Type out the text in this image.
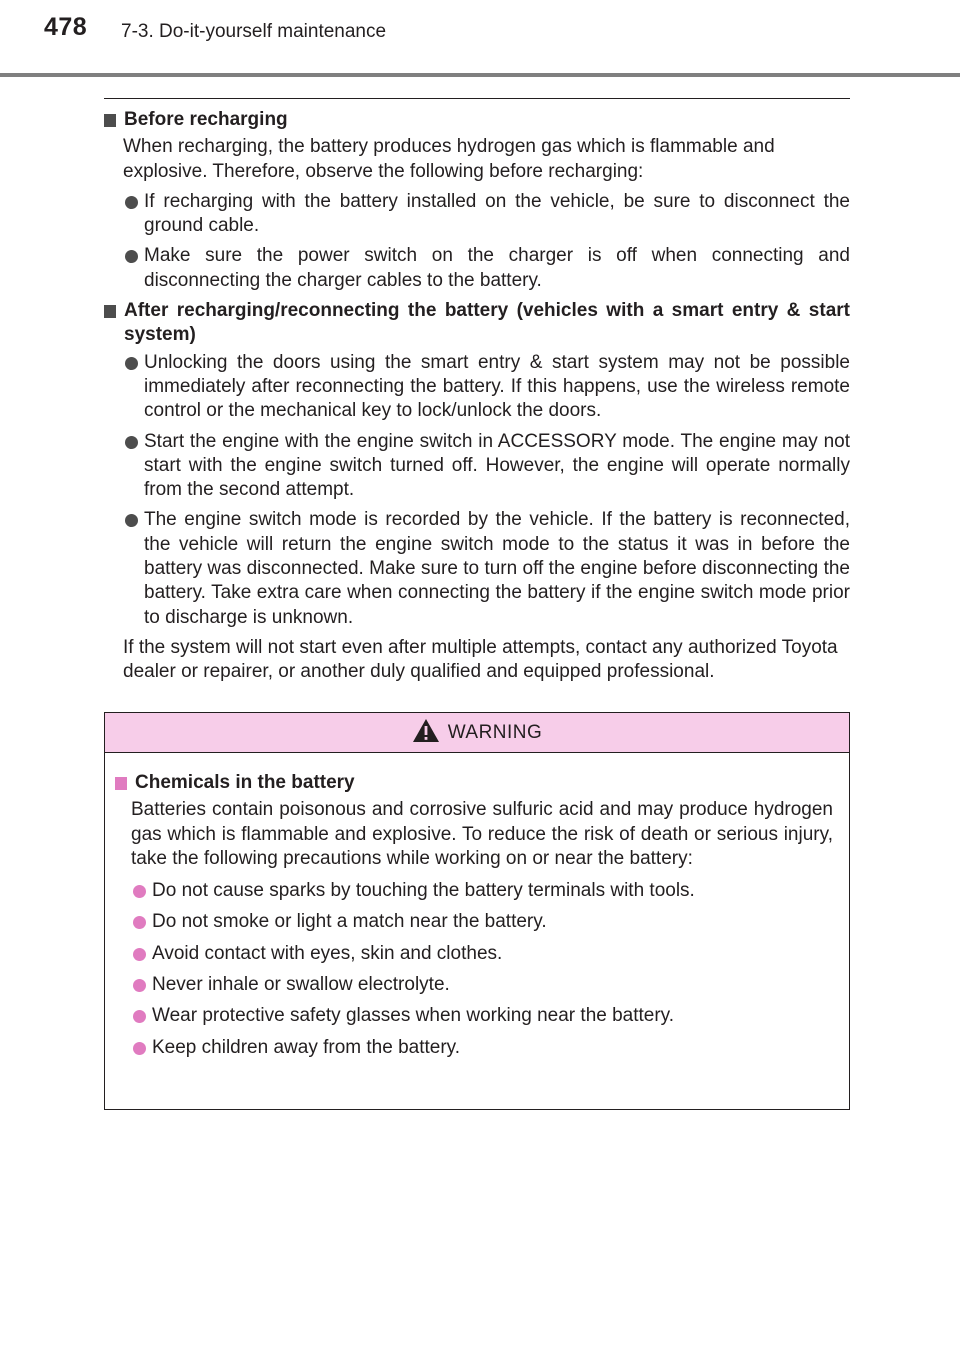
478 7-3. Do-it-yourself maintenance
Before recharging
When recharging, the battery produces hydrogen gas which is flammable and explosive. Therefore, observe the following before recharging:
If recharging with the battery installed on the vehicle, be sure to disconnect the ground cable.
Make sure the power switch on the charger is off when connecting and disconnecting the charger cables to the battery.
After recharging/reconnecting the battery (vehicles with a smart entry & start system)
Unlocking the doors using the smart entry & start system may not be possible immediately after reconnecting the battery. If this happens, use the wireless remote control or the mechanical key to lock/unlock the doors.
Start the engine with the engine switch in ACCESSORY mode. The engine may not start with the engine switch turned off. However, the engine will operate normally from the second attempt.
The engine switch mode is recorded by the vehicle. If the battery is reconnected, the vehicle will return the engine switch mode to the status it was in before the battery was disconnected. Make sure to turn off the engine before disconnecting the battery. Take extra care when connecting the battery if the engine switch mode prior to discharge is unknown.
If the system will not start even after multiple attempts, contact any authorized Toyota dealer or repairer, or another duly qualified and equipped professional.
WARNING
Chemicals in the battery
Batteries contain poisonous and corrosive sulfuric acid and may produce hydrogen gas which is flammable and explosive. To reduce the risk of death or serious injury, take the following precautions while working on or near the battery:
Do not cause sparks by touching the battery terminals with tools.
Do not smoke or light a match near the battery.
Avoid contact with eyes, skin and clothes.
Never inhale or swallow electrolyte.
Wear protective safety glasses when working near the battery.
Keep children away from the battery.
